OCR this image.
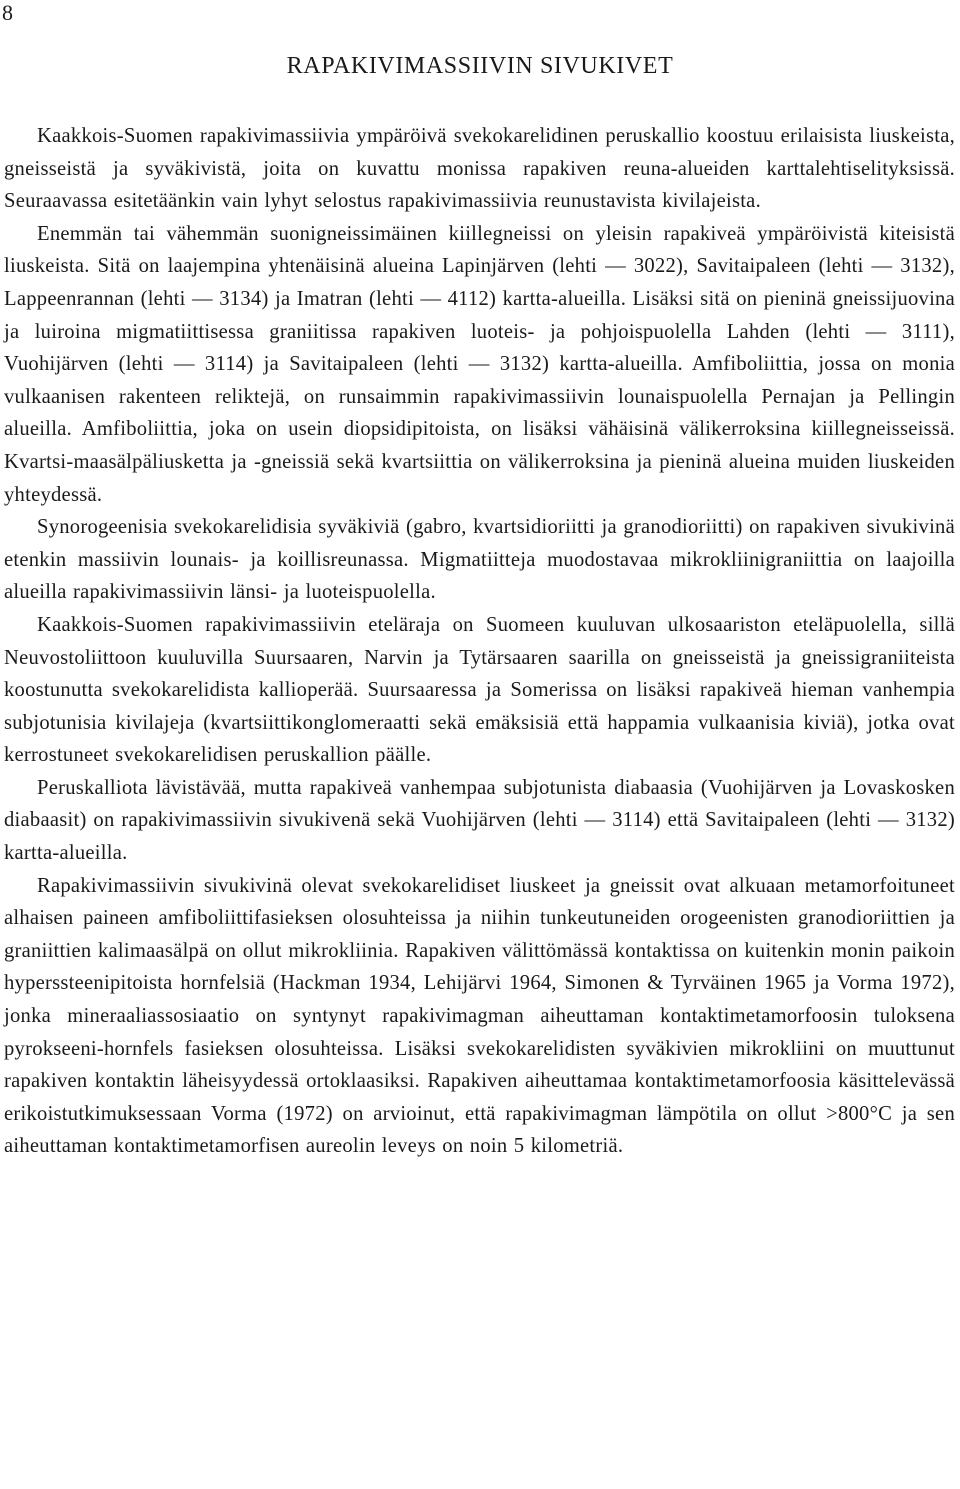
8
RAPAKIVIMASSIIVIN SIVUKIVET

Kaakkois-Suomen rapakivimassiivia ympäröivä svekokarelidinen peruskallio koostuu erilaisista liuskeista, gneisseistä ja syväkivistä, joita on kuvattu monissa rapakiven reuna-alueiden karttalehtiselityksissä. Seuraavassa esitetäänkin vain lyhyt selostus rapakivimassiivia reunustavista kivilajeista.

Enemmän tai vähemmän suonigneissimäinen kiillegneissi on yleisin rapakiveä ympäröivistä kiteisistä liuskeista. Sitä on laajempina yhtenäisinä alueina Lapinjärven (lehti — 3022), Savitaipaleen (lehti — 3132), Lappeenrannan (lehti — 3134) ja Imatran (lehti — 4112) kartta-alueilla. Lisäksi sitä on pieninä gneissijuovina ja luiroina migmatiittisessa graniitissa rapakiven luoteis- ja pohjoispuolella Lahden (lehti — 3111), Vuohijärven (lehti — 3114) ja Savitaipaleen (lehti — 3132) kartta-alueilla. Amfiboliittia, jossa on monia vulkaanisen rakenteen reliktejä, on runsaimmin rapakivimassiivin lounaispuolella Pernajan ja Pellingin alueilla. Amfiboliittia, joka on usein diopsidipitoista, on lisäksi vähäisinä välikerroksina kiillegneisseissä. Kvartsi-maasälpäliusketta ja -gneissiä sekä kvartsiittia on välikerroksina ja pieninä alueina muiden liuskeiden yhteydessä.

Synorogeenisia svekokarelidisia syväkiviä (gabro, kvartsidioriitti ja granodioriitti) on rapakiven sivukivinä etenkin massiivin lounais- ja koillisreunassa. Migmatiitteja muodostavaa mikrokliinigraniittia on laajoilla alueilla rapakivimassiivin länsi- ja luoteispuolella.

Kaakkois-Suomen rapakivimassiivin eteläraja on Suomeen kuuluvan ulkosaariston eteläpuolella, sillä Neuvostoliittoon kuuluvilla Suursaaren, Narvin ja Tytärsaaren saarilla on gneisseistä ja gneissigraniiteista koostunutta svekokarelidista kallioperää. Suursaaressa ja Somerissa on lisäksi rapakiveä hieman vanhempia subjotunisia kivilajeja (kvartsiittikonglomeraatti sekä emäksisiä että happamia vulkaanisia kiviä), jotka ovat kerrostuneet svekokarelidisen peruskallion päälle.

Peruskalliota lävistävää, mutta rapakiveä vanhempaa subjotunista diabaasia (Vuohijärven ja Lovaskosken diabaasit) on rapakivimassiivin sivukivenä sekä Vuohijärven (lehti — 3114) että Savitaipaleen (lehti — 3132) kartta-alueilla.

Rapakivimassiivin sivukivinä olevat svekokarelidiset liuskeet ja gneissit ovat alkuaan metamorfoituneet alhaisen paineen amfiboliittifasieksen olosuhteissa ja niihin tunkeutuneiden orogeenisten granodioriittien ja graniittien kalimaasälpä on ollut mikrokliinia. Rapakiven välittömässä kontaktissa on kuitenkin monin paikoin hyperssteenipitoista hornfelsiä (Hackman 1934, Lehijärvi 1964, Simonen & Tyrväinen 1965 ja Vorma 1972), jonka mineraaliassosiaatio on syntynyt rapakivimagman aiheuttaman kontaktimetamorfoosin tuloksena pyrokseeni-hornfels fasieksen olosuhteissa. Lisäksi svekokarelidisten syväkivien mikrokliini on muuttunut rapakiven kontaktin läheisyydessä ortoklaasiksi. Rapakiven aiheuttamaa kontaktimetamorfoosia käsittelevässä erikoistutkimuksessaan Vorma (1972) on arvioinut, että rapakivimagman lämpötila on ollut >800°C ja sen aiheuttaman kontaktimetamorfisen aureolin leveys on noin 5 kilometriä.
